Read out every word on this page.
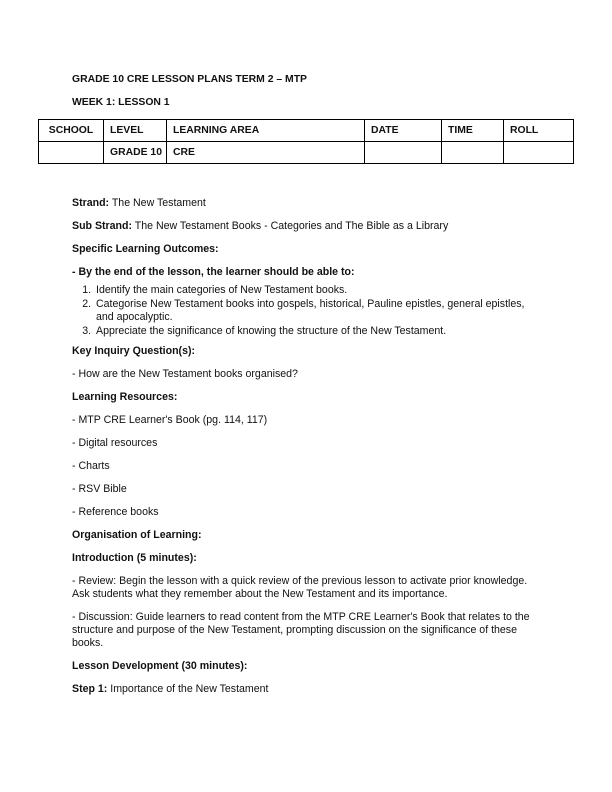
GRADE 10 CRE LESSON PLANS TERM 2 – MTP
WEEK 1: LESSON 1
SCHOOL	LEVEL	LEARNING AREA	DATE	TIME	ROLL
	GRADE 10	CRE			
Strand: The New Testament
Sub Strand: The New Testament Books - Categories and The Bible as a Library
Specific Learning Outcomes:
- By the end of the lesson, the learner should be able to:
1. Identify the main categories of New Testament books.
2. Categorise New Testament books into gospels, historical, Pauline epistles, general epistles, and apocalyptic.
3. Appreciate the significance of knowing the structure of the New Testament.
Key Inquiry Question(s):
- How are the New Testament books organised?
Learning Resources:
- MTP CRE Learner's Book (pg. 114, 117)
- Digital resources
- Charts
- RSV Bible
- Reference books
Organisation of Learning:
Introduction (5 minutes):
- Review: Begin the lesson with a quick review of the previous lesson to activate prior knowledge. Ask students what they remember about the New Testament and its importance.
- Discussion: Guide learners to read content from the MTP CRE Learner's Book that relates to the structure and purpose of the New Testament, prompting discussion on the significance of these books.
Lesson Development (30 minutes):
Step 1: Importance of the New Testament
